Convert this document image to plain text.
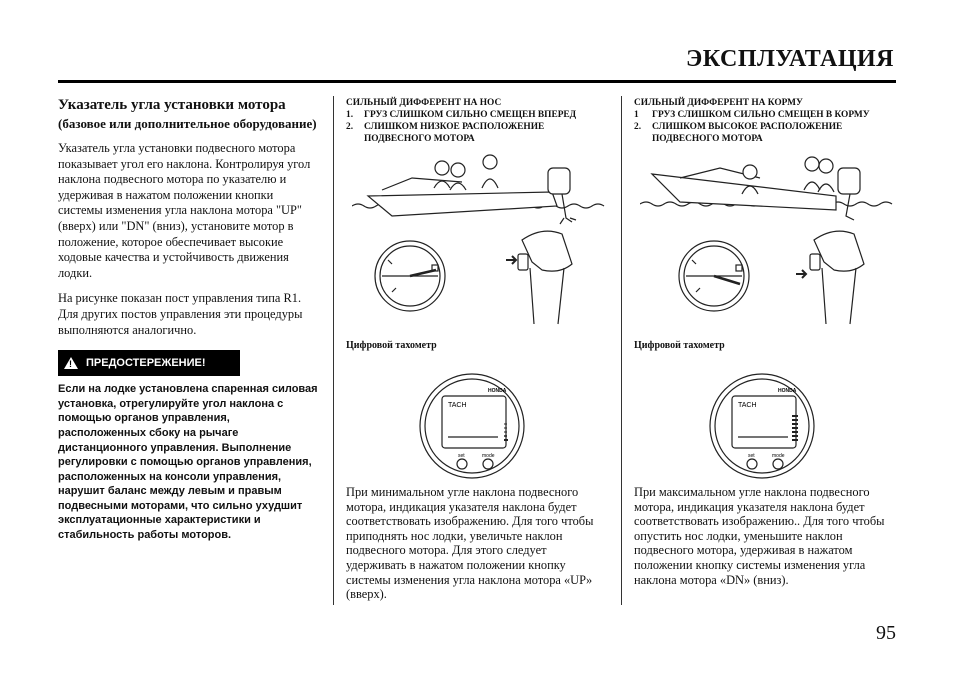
ЭКСПЛУАТАЦИЯ
Указатель угла установки мотора
(базовое или дополнительное оборудование)
Указатель угла установки подвесного мотора показывает угол его наклона. Контролируя угол наклона подвесного мотора по указателю и удерживая в нажатом положении кнопки системы изменения угла наклона мотора "UP" (вверх) или "DN" (вниз), установите мотор в положение, которое обеспечивает высокие ходовые качества и устойчивость движения лодки.
На рисунке показан пост управления типа R1. Для других постов управления эти процедуры выполняются аналогично.
! ПРЕДОСТЕРЕЖЕНИЕ!
Если на лодке установлена спаренная силовая установка, отрегулируйте угол наклона с помощью органов управления, расположенных сбоку на рычаге дистанционного управления. Выполнение регулировки с помощью органов управления, расположенных на консоли управления, нарушит баланс между левым и правым подвесными моторами, что сильно ухудшит эксплуатационные характеристики и стабильность работы моторов.
СИЛЬНЫЙ ДИФФЕРЕНТ НА НОС
1. ГРУЗ СЛИШКОМ СИЛЬНО СМЕЩЕН ВПЕРЕД
2. СЛИШКОМ НИЗКОЕ РАСПОЛОЖЕНИЕ ПОДВЕСНОГО МОТОРА
Цифровой тахометр
HONDA
TACH
set	mode
При минимальном угле наклона подвесного мотора, индикация указателя наклона будет соответствовать изображению. Для того чтобы приподнять нос лодки, увеличьте наклон подвесного мотора. Для этого следует удерживать в нажатом положении кнопку системы изменения угла наклона мотора «UP» (вверх).
СИЛЬНЫЙ ДИФФЕРЕНТ НА КОРМУ
1 ГРУЗ СЛИШКОМ СИЛЬНО СМЕЩЕН В КОРМУ
2. СЛИШКОМ ВЫСОКОЕ РАСПОЛОЖЕНИЕ ПОДВЕСНОГО МОТОРА
Цифровой тахометр
HONDA
TACH
set	mode
При максимальном угле наклона подвесного мотора, индикация указателя наклона будет соответствовать изображению.. Для того чтобы опустить нос лодки, уменьшите наклон подвесного мотора, удерживая в нажатом положении кнопку системы изменения угла наклона мотора «DN» (вниз).
95
